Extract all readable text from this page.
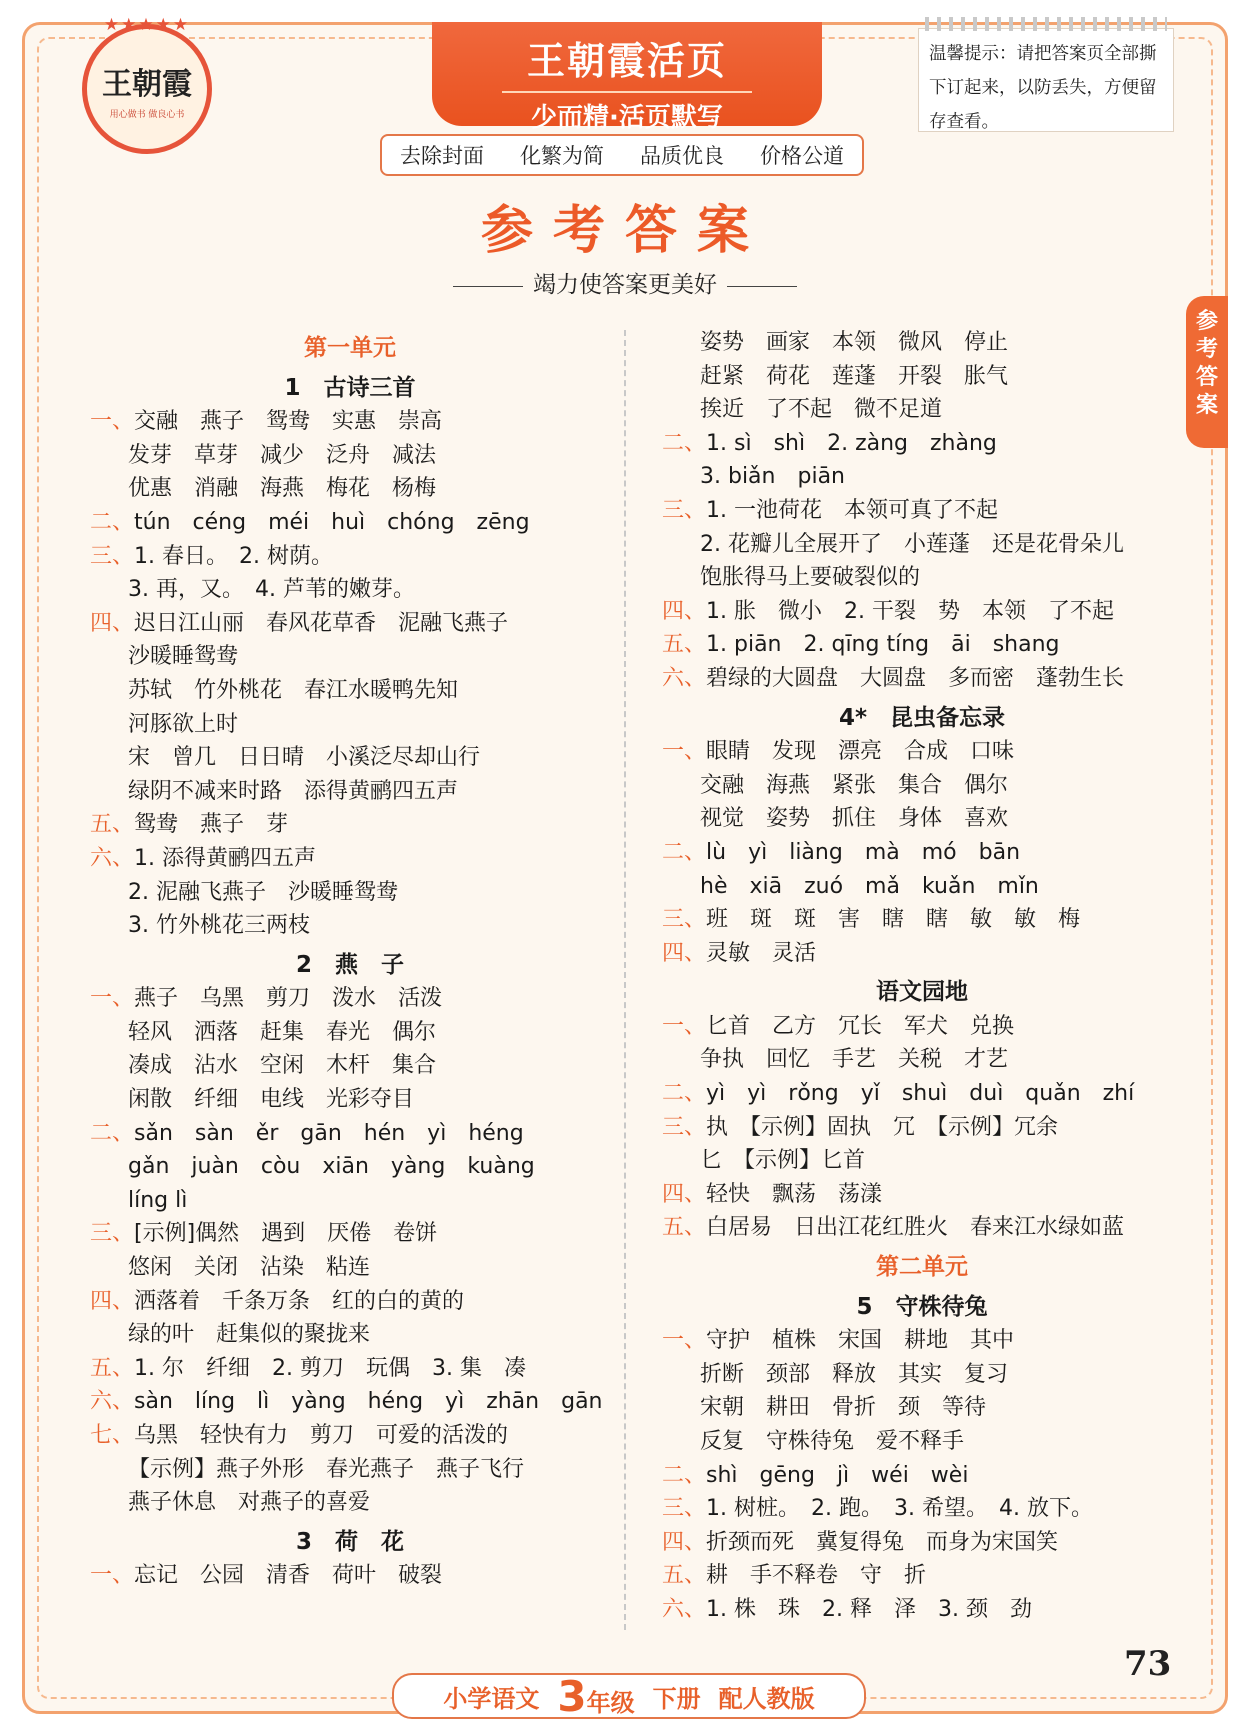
★★★★★
王朝霞
用心做书 做良心书
王朝霞活页
少而精·活页默写
温馨提示：请把答案页全部撕下订起来，以防丢失，方便留存查看。
去除封面 化繁为简 品质优良 价格公道
参考答案
竭力使答案更美好
参考答案
第一单元
1　古诗三首
一、交融　燕子　鸳鸯　实惠　崇高
发芽　草芽　减少　泛舟　减法
优惠　消融　海燕　梅花　杨梅
二、tún　céng　méi　huì　chóng　zēng
三、1. 春日。　2. 树荫。
3. 再，又。　4. 芦苇的嫩芽。
四、迟日江山丽　春风花草香　泥融飞燕子
沙暖睡鸳鸯
苏轼　竹外桃花　春江水暖鸭先知
河豚欲上时
宋　曾几　日日晴　小溪泛尽却山行
绿阴不减来时路　添得黄鹂四五声
五、鸳鸯　燕子　芽
六、1. 添得黄鹂四五声
2. 泥融飞燕子　沙暖睡鸳鸯
3. 竹外桃花三两枝
2　燕　子
一、燕子　乌黑　剪刀　泼水　活泼
轻风　洒落　赶集　春光　偶尔
凑成　沾水　空闲　木杆　集合
闲散　纤细　电线　光彩夺目
二、sǎn　sàn　ěr　gān　hén　yì　héng
gǎn　juàn　còu　xiān　yàng　kuàng
líng lì
三、[示例]偶然　遇到　厌倦　卷饼
悠闲　关闭　沾染　粘连
四、洒落着　千条万条　红的白的黄的
绿的叶　赶集似的聚拢来
五、1. 尔　纤细　2. 剪刀　玩偶　3. 集　凑
六、sàn　líng　lì　yàng　héng　yì　zhān　gān
七、乌黑　轻快有力　剪刀　可爱的活泼的
【示例】燕子外形　春光燕子　燕子飞行
燕子休息　对燕子的喜爱
3　荷　花
一、忘记　公园　清香　荷叶　破裂
姿势　画家　本领　微风　停止
赶紧　荷花　莲蓬　开裂　胀气
挨近　了不起　微不足道
二、1. sì　shì　2. zàng　zhàng
3. biǎn　piān
三、1. 一池荷花　本领可真了不起
2. 花瓣儿全展开了　小莲蓬　还是花骨朵儿
饱胀得马上要破裂似的
四、1. 胀　微小　2. 干裂　势　本领　了不起
五、1. piān　2. qīng tíng　āi　shang
六、碧绿的大圆盘　大圆盘　多而密　蓬勃生长
4*　昆虫备忘录
一、眼睛　发现　漂亮　合成　口味
交融　海燕　紧张　集合　偶尔
视觉　姿势　抓住　身体　喜欢
二、lù　yì　liàng　mà　mó　bān
hè　xiā　zuó　mǎ　kuǎn　mǐn
三、班　斑　斑　害　瞎　瞎　敏　敏　梅
四、灵敏　灵活
语文园地
一、匕首　乙方　冗长　军犬　兑换
争执　回忆　手艺　关税　才艺
二、yì　yì　rǒng　yǐ　shuì　duì　quǎn　zhí
三、执　【示例】固执　冗　【示例】冗余
匕　【示例】匕首
四、轻快　飘荡　荡漾
五、白居易　日出江花红胜火　春来江水绿如蓝
第二单元
5　守株待兔
一、守护　植株　宋国　耕地　其中
折断　颈部　释放　其实　复习
宋朝　耕田　骨折　颈　等待
反复　守株待兔　爱不释手
二、shì　gēng　jì　wéi　wèi
三、1. 树桩。　2. 跑。　3. 希望。　4. 放下。
四、折颈而死　冀复得兔　而身为宋国笑
五、耕　手不释卷　守　折
六、1. 株　珠　2. 释　泽　3. 颈　劲
小学语文 3年级 下册 配人教版
73
